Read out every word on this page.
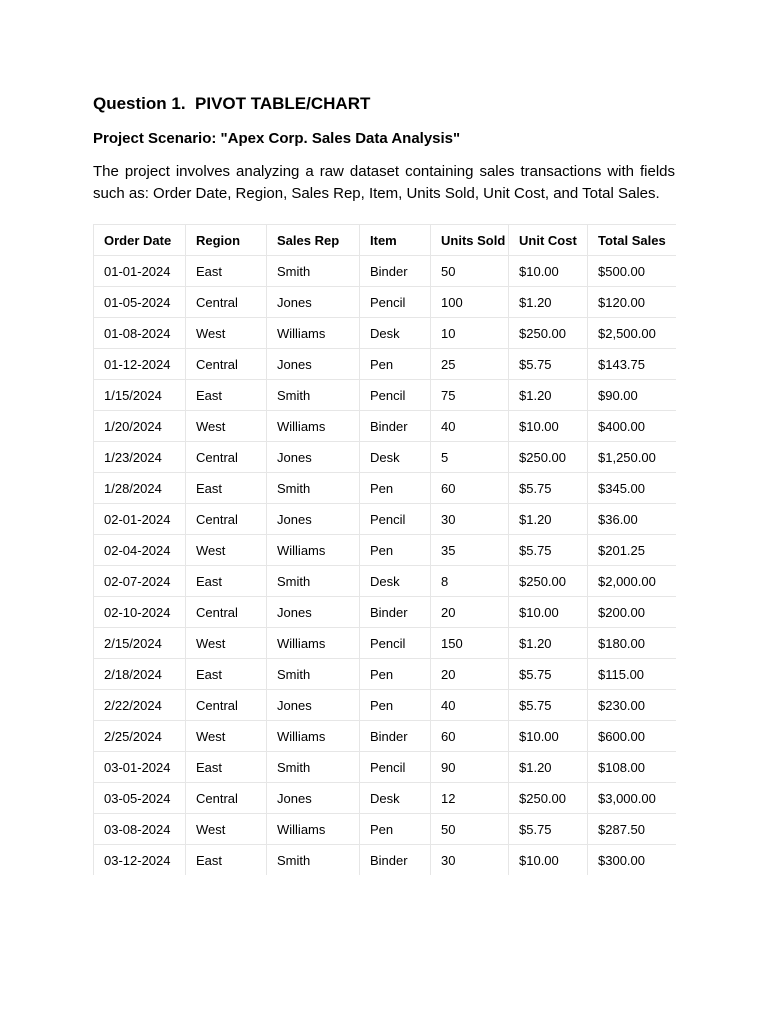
Question 1.  PIVOT TABLE/CHART
Project Scenario: "Apex Corp. Sales Data Analysis"

The project involves analyzing a raw dataset containing sales transactions with fields such as: Order Date, Region, Sales Rep, Item, Units Sold, Unit Cost, and Total Sales.

Order Date	Region	Sales Rep	Item	Units Sold	Unit Cost	Total Sales
01-01-2024	East	Smith	Binder	50	$10.00	$500.00
01-05-2024	Central	Jones	Pencil	100	$1.20	$120.00
01-08-2024	West	Williams	Desk	10	$250.00	$2,500.00
01-12-2024	Central	Jones	Pen	25	$5.75	$143.75
1/15/2024	East	Smith	Pencil	75	$1.20	$90.00
1/20/2024	West	Williams	Binder	40	$10.00	$400.00
1/23/2024	Central	Jones	Desk	5	$250.00	$1,250.00
1/28/2024	East	Smith	Pen	60	$5.75	$345.00
02-01-2024	Central	Jones	Pencil	30	$1.20	$36.00
02-04-2024	West	Williams	Pen	35	$5.75	$201.25
02-07-2024	East	Smith	Desk	8	$250.00	$2,000.00
02-10-2024	Central	Jones	Binder	20	$10.00	$200.00
2/15/2024	West	Williams	Pencil	150	$1.20	$180.00
2/18/2024	East	Smith	Pen	20	$5.75	$115.00
2/22/2024	Central	Jones	Pen	40	$5.75	$230.00
2/25/2024	West	Williams	Binder	60	$10.00	$600.00
03-01-2024	East	Smith	Pencil	90	$1.20	$108.00
03-05-2024	Central	Jones	Desk	12	$250.00	$3,000.00
03-08-2024	West	Williams	Pen	50	$5.75	$287.50
03-12-2024	East	Smith	Binder	30	$10.00	$300.00
